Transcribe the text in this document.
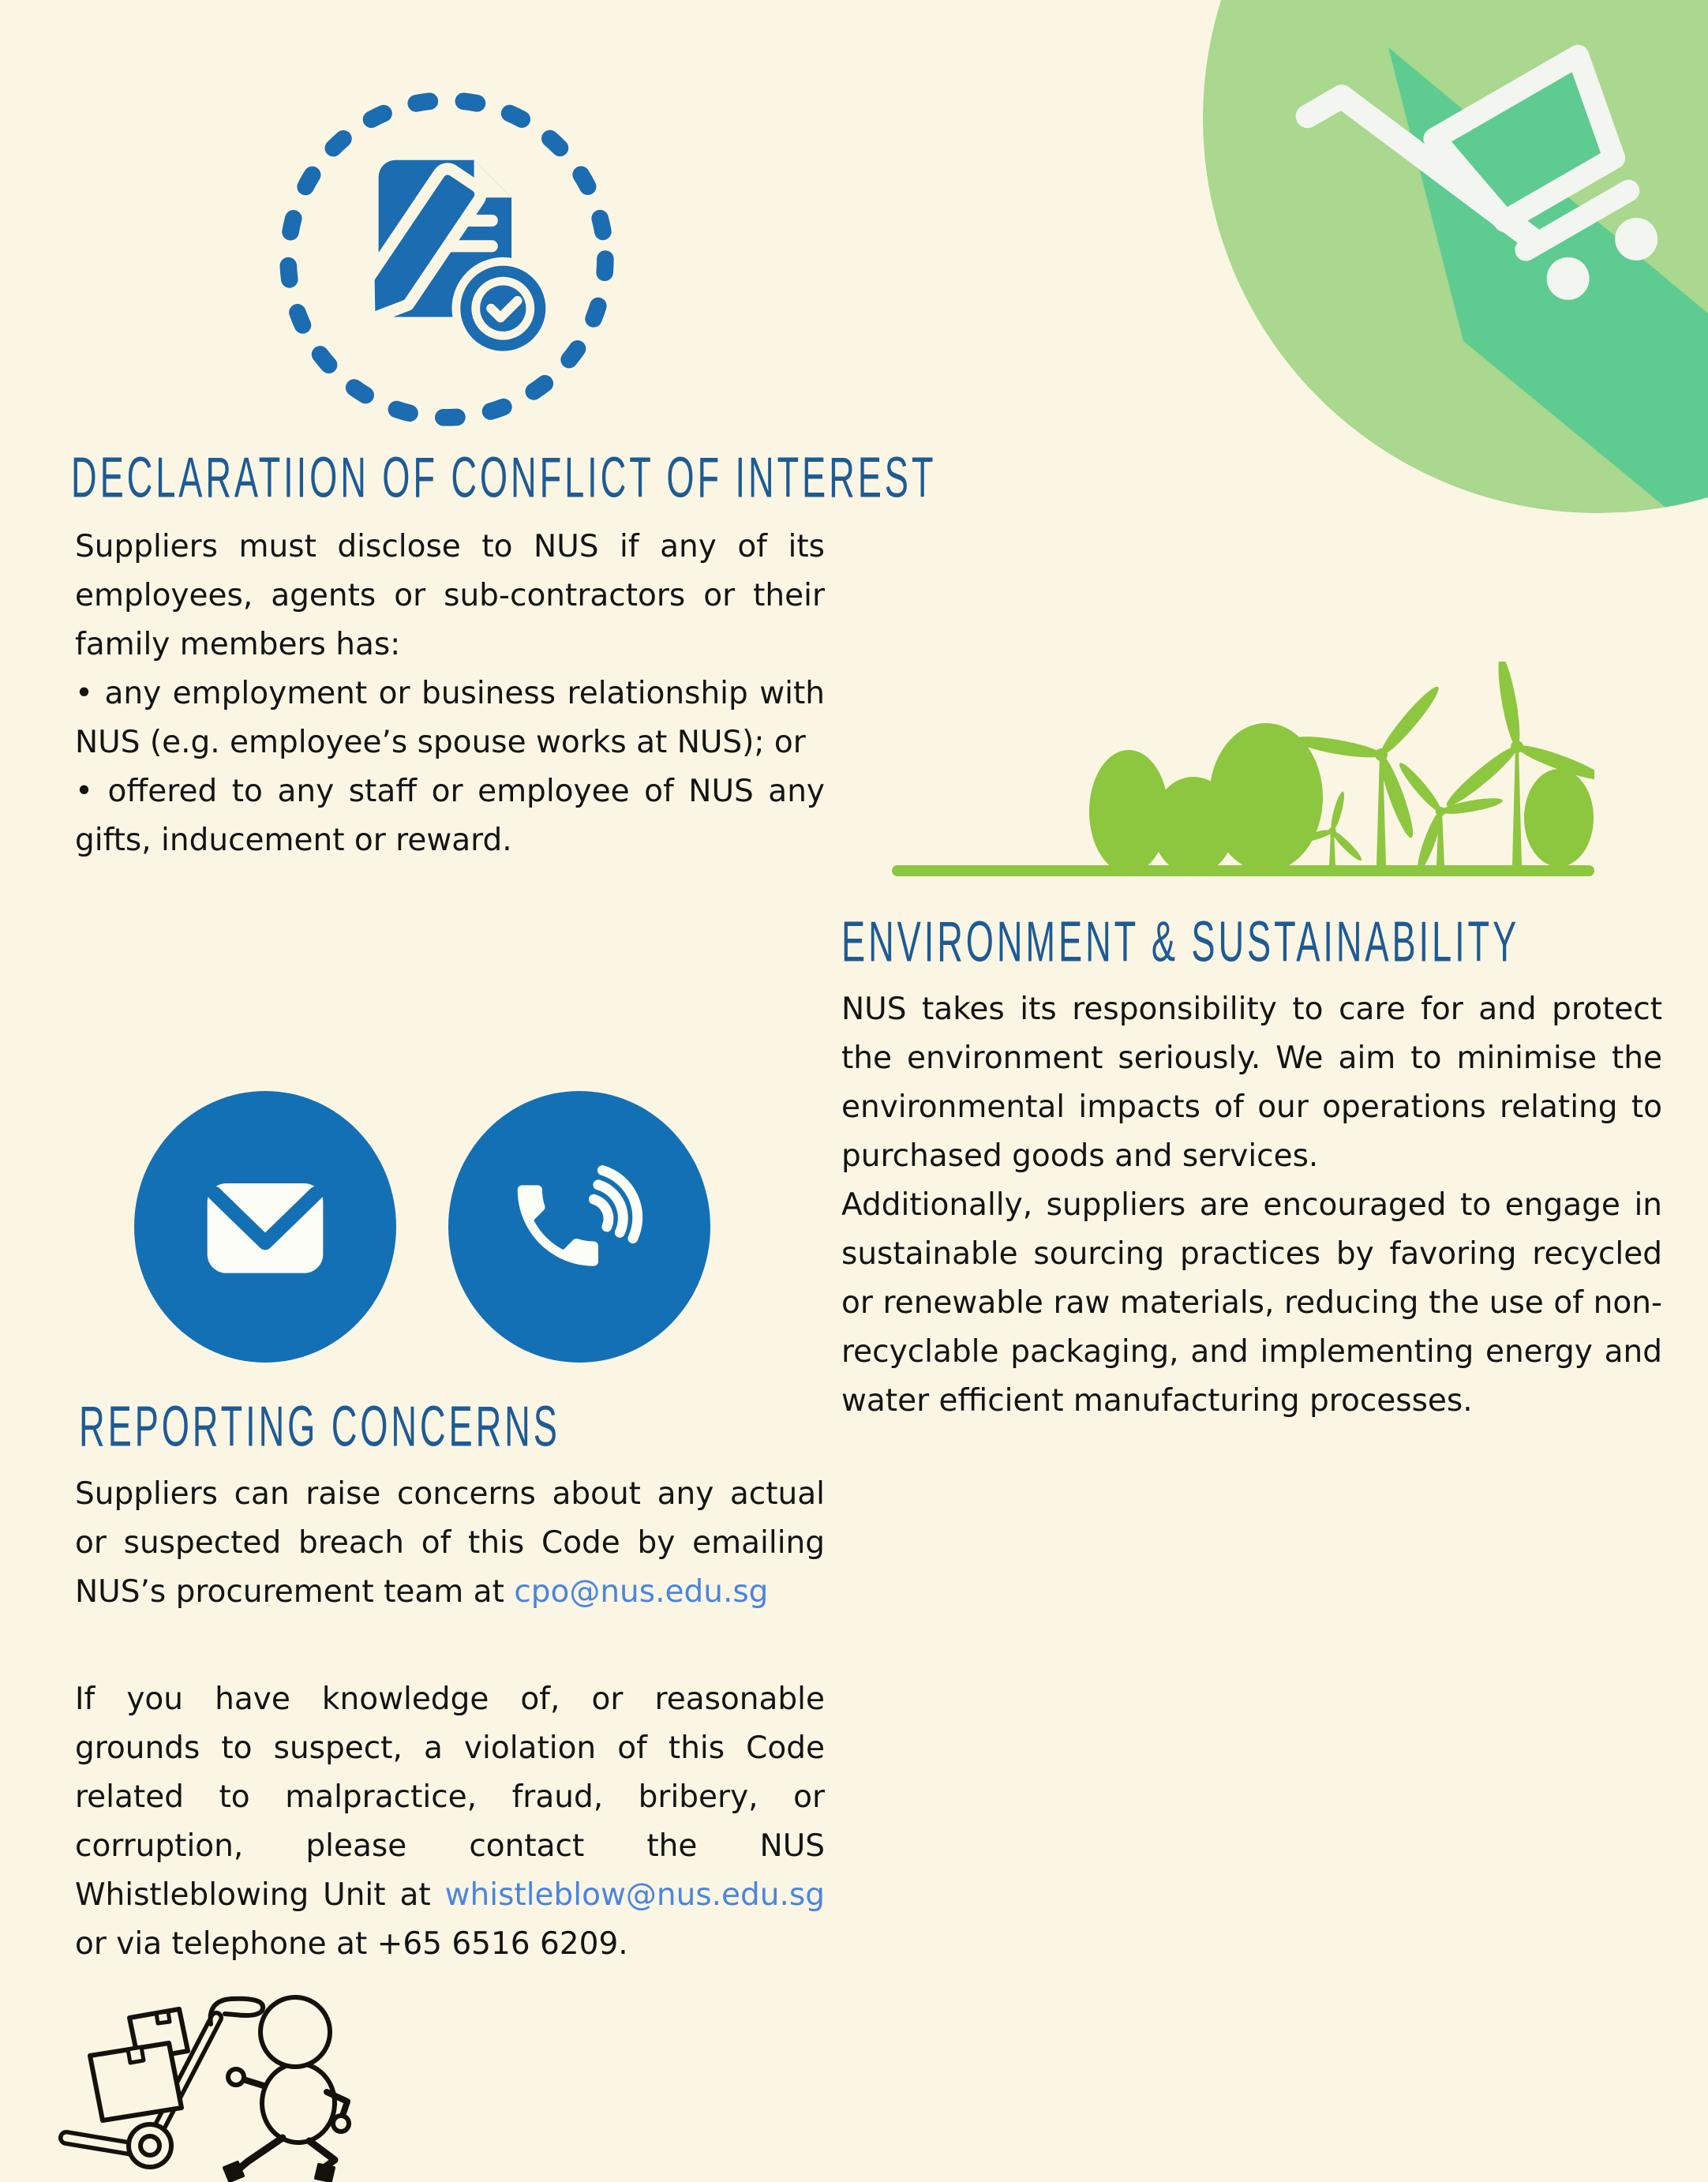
DECLARATIION OF CONFLICT OF INTEREST

Suppliers must disclose to NUS if any of its employees, agents or sub-contractors or their family members has:

• any employment or business relationship with NUS (e.g. employee’s spouse works at NUS); or

• offered to any staff or employee of NUS any gifts, inducement or reward.

ENVIRONMENT & SUSTAINABILITY

NUS takes its responsibility to care for and protect the environment seriously. We aim to minimise the environmental impacts of our operations relating to purchased goods and services.

Additionally, suppliers are encouraged to engage in sustainable sourcing practices by favoring recycled or renewable raw materials, reducing the use of non-recyclable packaging, and implementing energy and water efficient manufacturing processes.

REPORTING CONCERNS
Suppliers can raise concerns about any actual or suspected breach of this Code by emailing NUS’s procurement team at cpo@nus.edu.sg
If you have knowledge of, or reasonable grounds to suspect, a violation of this Code related to malpractice, fraud, bribery, or corruption, please contact the NUS Whistleblowing Unit at whistleblow@nus.edu.sg or via telephone at +65 6516 6209.
